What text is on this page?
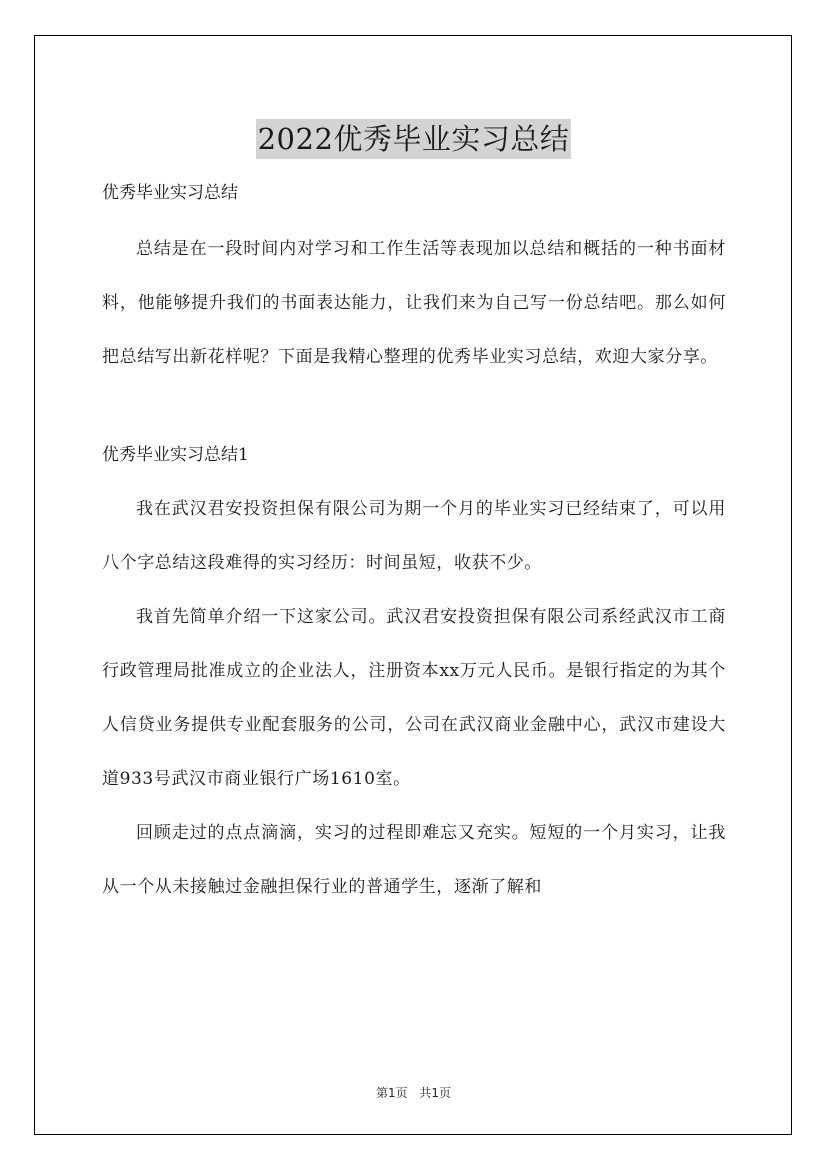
2022优秀毕业实习总结

优秀毕业实习总结

总结是在一段时间内对学习和工作生活等表现加以总结和概括的一种书面材料，他能够提升我们的书面表达能力，让我们来为自己写一份总结吧。那么如何把总结写出新花样呢？下面是我精心整理的优秀毕业实习总结，欢迎大家分享。

优秀毕业实习总结1

我在武汉君安投资担保有限公司为期一个月的毕业实习已经结束了，可以用八个字总结这段难得的实习经历：时间虽短，收获不少。

我首先简单介绍一下这家公司。武汉君安投资担保有限公司系经武汉市工商行政管理局批准成立的企业法人，注册资本xx万元人民币。是银行指定的为其个人信贷业务提供专业配套服务的公司，公司在武汉商业金融中心，武汉市建设大道933号武汉市商业银行广场1610室。

回顾走过的点点滴滴，实习的过程即难忘又充实。短短的一个月实习，让我从一个从未接触过金融担保行业的普通学生，逐渐了解和

第1页 共1页
